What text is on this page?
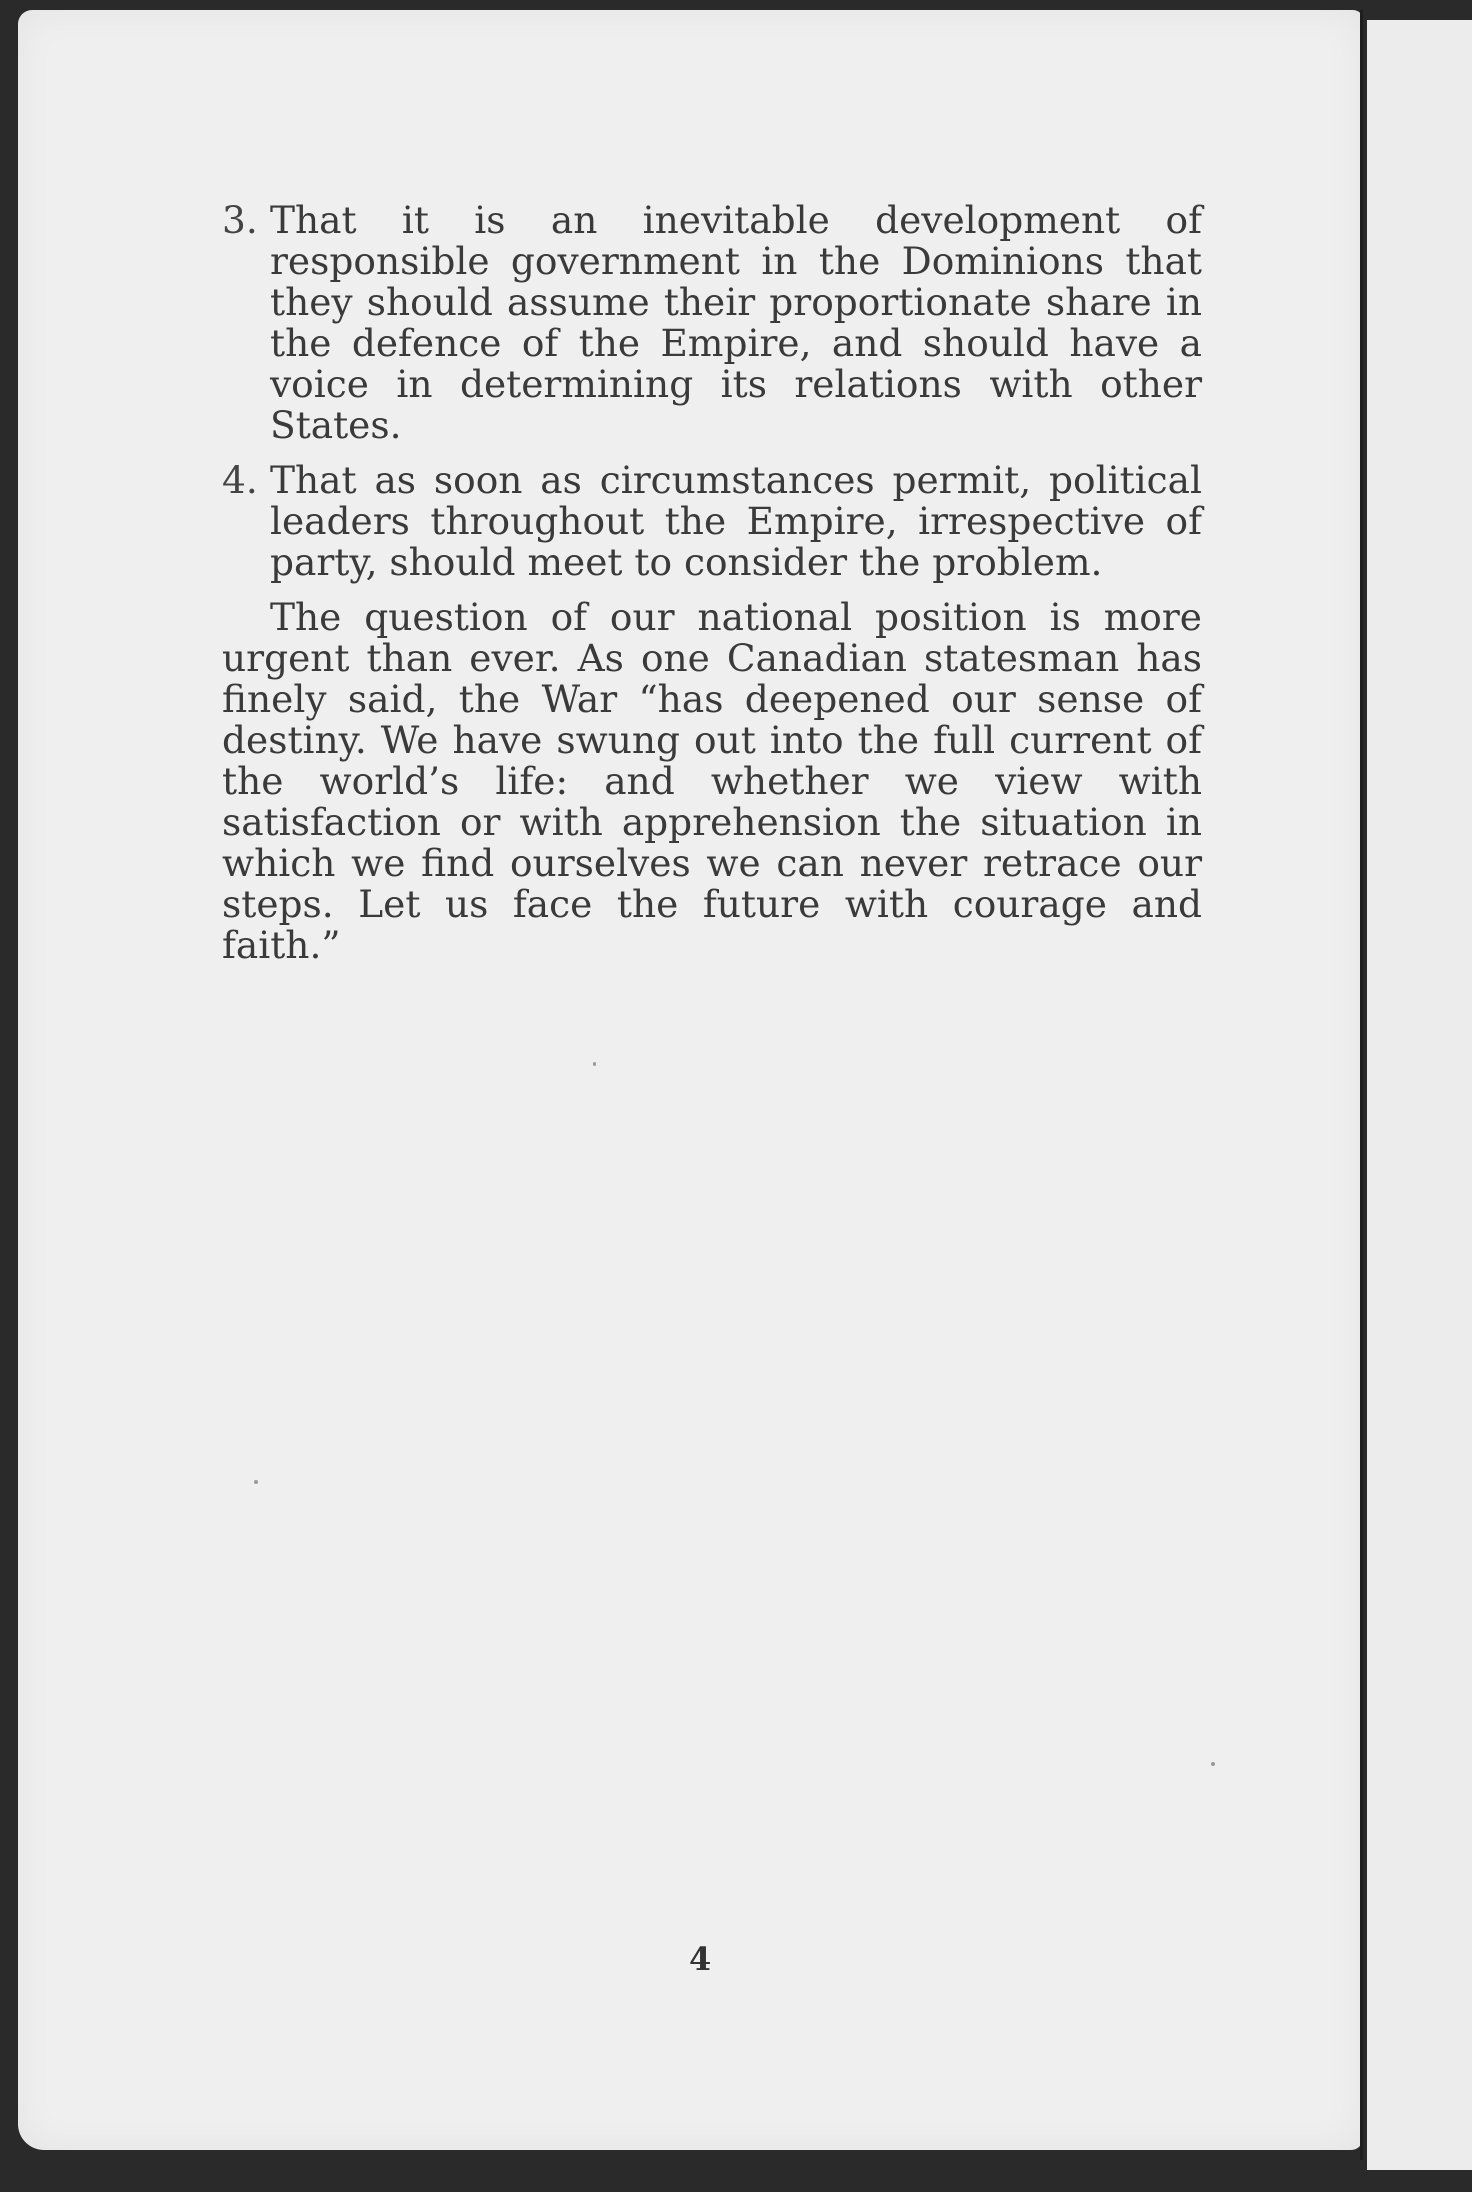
3. That it is an inevitable development of responsible government in the Dominions that they should assume their proportionate share in the defence of the Empire, and should have a voice in determining its relations with other States.
4. That as soon as circumstances permit, political leaders throughout the Empire, irrespective of party, should meet to consider the problem.
The question of our national position is more urgent than ever. As one Canadian statesman has finely said, the War “has deepened our sense of destiny. We have swung out into the full current of the world’s life: and whether we view with satisfaction or with apprehension the situation in which we find ourselves we can never retrace our steps. Let us face the future with courage and faith.”
4
